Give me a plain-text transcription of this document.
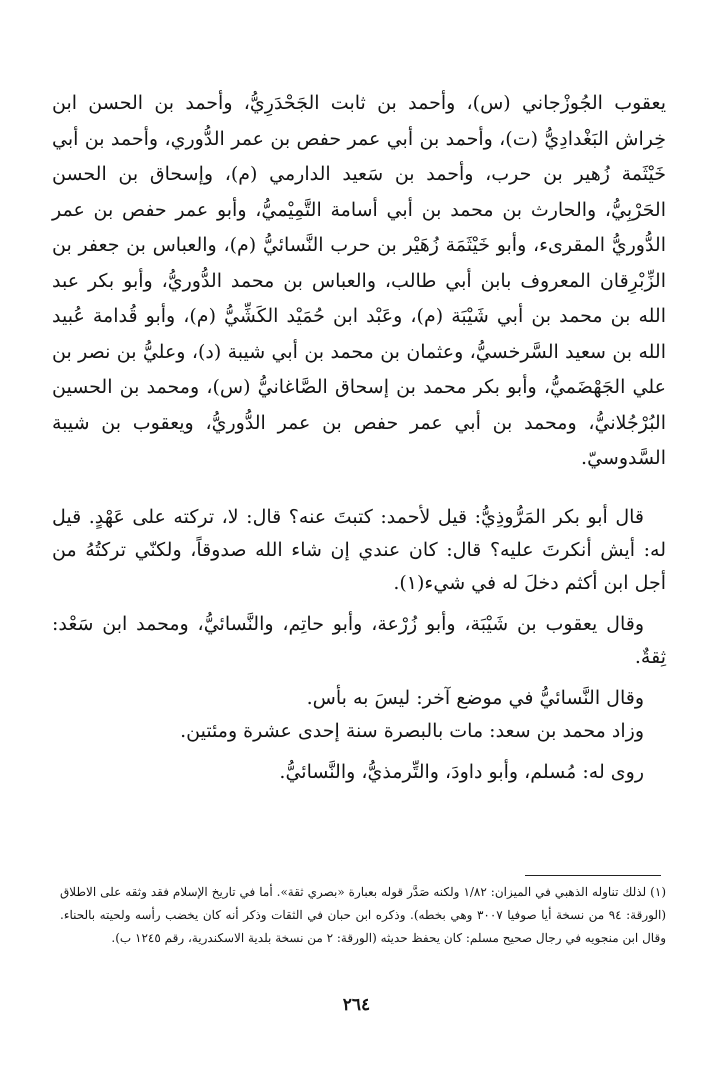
يعقوب الجُوزْجاني (س)، وأحمد بن ثابت الجَحْدَرِيُّ، وأحمد بن الحسن ابن خِراش البَغْدادِيُّ (ت)، وأحمد بن أبي عمر حفص بن عمر الدُّوري، وأحمد بن أبي خَيْثَمة زُهير بن حرب، وأحمد بن سَعيد الدارمي (م)، وإسحاق بن الحسن الحَرْبِيُّ، والحارث بن محمد بن أبي أسامة التَّمِيْميُّ، وأبو عمر حفص بن عمر الدُّوريُّ المقرىء، وأبو خَيْثَمَة زُهَيْر بن حرب النَّسائيُّ (م)، والعباس بن جعفر بن الزِّبْرِقان المعروف بابن أبي طالب، والعباس بن محمد الدُّوريُّ، وأبو بكر عبد الله بن محمد بن أبي شَيْبَة (م)، وعَبْد ابن حُمَيْد الكَشِّيُّ (م)، وأبو قُدامة عُبيد الله بن سعيد السَّرخسيُّ، وعثمان بن محمد بن أبي شيبة (د)، وعليُّ بن نصر بن علي الجَهْضَميُّ، وأبو بكر محمد بن إسحاق الصَّاغانيُّ (س)، ومحمد بن الحسين البُرْجُلانيُّ، ومحمد بن أبي عمر حفص بن عمر الدُّوريُّ، ويعقوب بن شيبة السَّدوسيّ.

قال أبو بكر المَرُّوذِيُّ: قيل لأحمد: كتبتَ عنه؟ قال: لا، تركته على عَهْدٍ. قيل له: أيش أنكرتَ عليه؟ قال: كان عندي إن شاء الله صدوقاً، ولكنّي تركتُهُ من أجل ابن أكثم دخلَ له في شيء(١).

وقال يعقوب بن شَيْبَة، وأبو زُرْعة، وأبو حاتِم، والنَّسائيُّ، ومحمد ابن سَعْد: ثِقةٌ.

وقال النَّسائيُّ في موضع آخر: ليسَ به بأس.

وزاد محمد بن سعد: مات بالبصرة سنة إحدى عشرة ومئتين.

روى له: مُسلم، وأبو داودَ، والتِّرمذيُّ، والنَّسائيُّ.

(١) لذلك تناوله الذهبي في الميزان: ١/٨٢ ولكنه صَدَّر قوله بعبارة «بصري ثقة». أما في تاريخ الإسلام فقد وثقه على الاطلاق (الورقة: ٩٤ من نسخة أيا صوفيا ٣٠٠٧ وهي بخطه). وذكره ابن حبان في الثقات وذكر أنه كان يخضب رأسه ولحيته بالحناء. وقال ابن منجويه في رجال صحيح مسلم: كان يحفظ حديثه (الورقة: ٢ من نسخة بلدية الاسكندرية، رقم ١٢٤٥ ب).

٢٦٤
